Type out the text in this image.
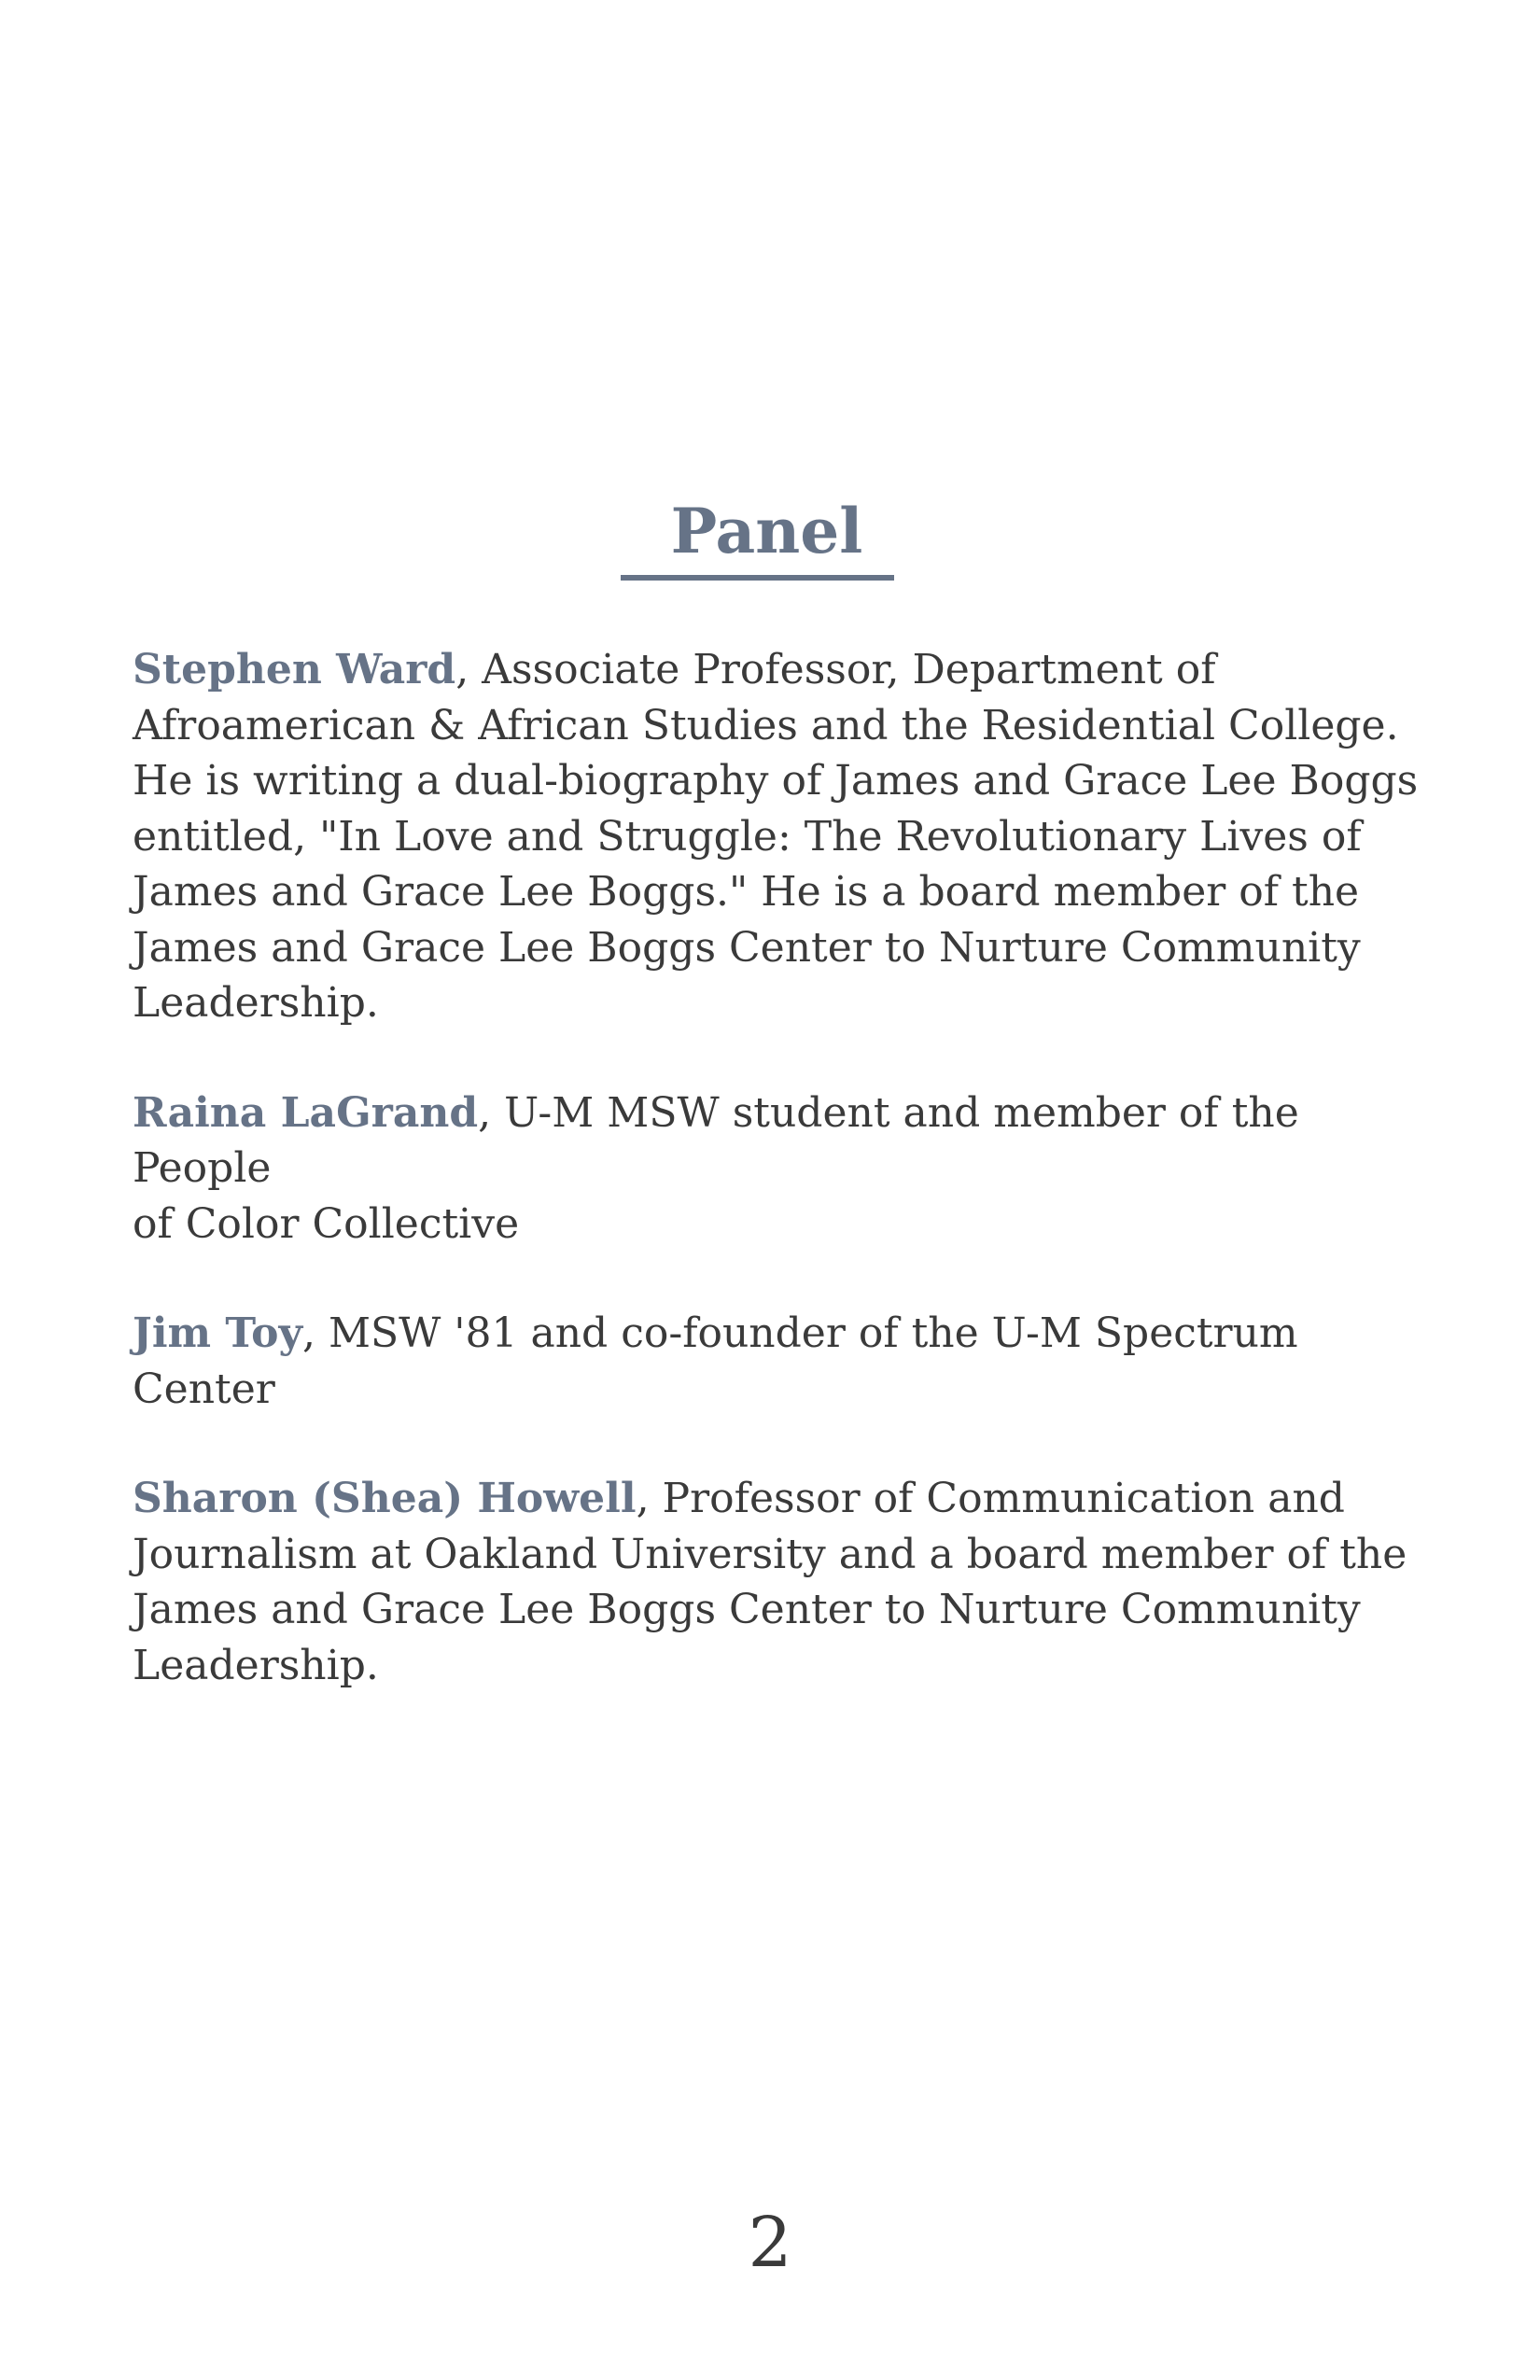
Panel

Stephen Ward, Associate Professor, Department of
Afroamerican & African Studies and the Residential College.
He is writing a dual-biography of James and Grace Lee Boggs
entitled, "In Love and Struggle: The Revolutionary Lives of
James and Grace Lee Boggs." He is a board member of the
James and Grace Lee Boggs Center to Nurture Community
Leadership.

Raina LaGrand, U-M MSW student and member of the
People
of Color Collective

Jim Toy, MSW '81 and co-founder of the U-M Spectrum
Center

Sharon (Shea) Howell, Professor of Communication and
Journalism at Oakland University and a board member of the
James and Grace Lee Boggs Center to Nurture Community
Leadership.

2
